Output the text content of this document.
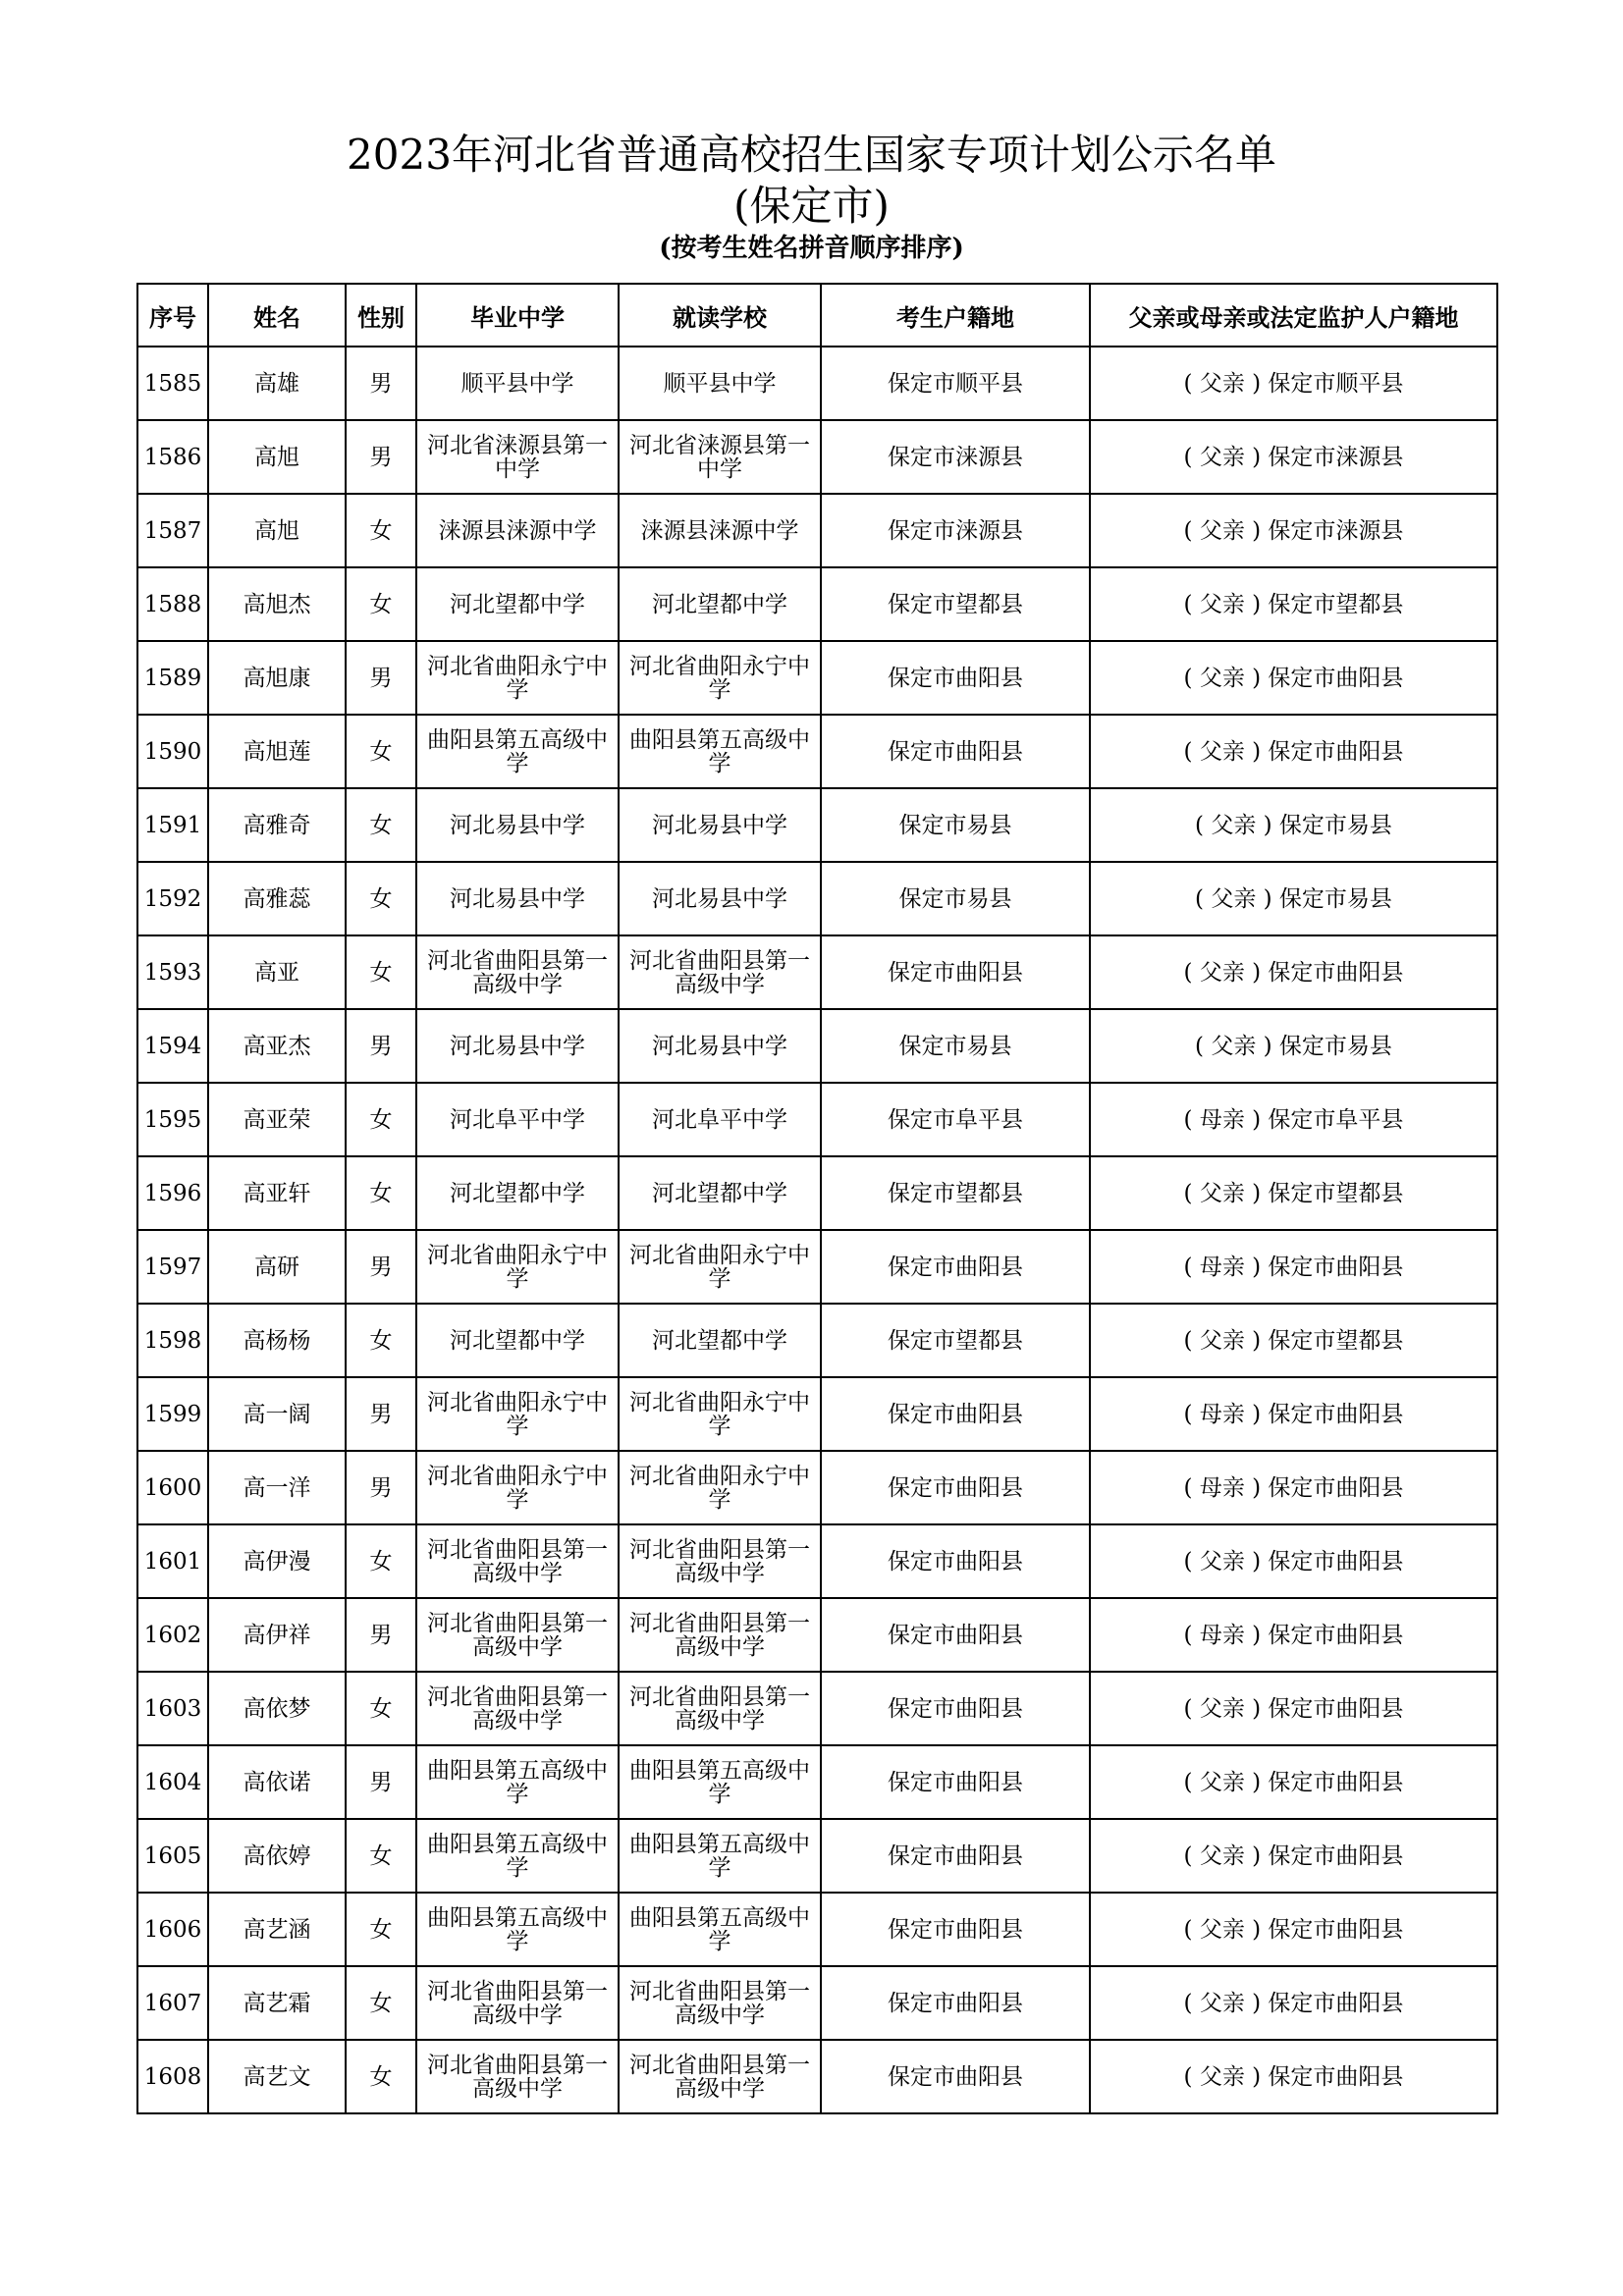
2023年河北省普通高校招生国家专项计划公示名单
(保定市)
(按考生姓名拼音顺序排序)
序号	姓名	性别	毕业中学	就读学校	考生户籍地	父亲或母亲或法定监护人户籍地
1585	高雄	男	顺平县中学	顺平县中学	保定市顺平县	( 父亲 ) 保定市顺平县
1586	高旭	男	河北省涞源县第一中学	河北省涞源县第一中学	保定市涞源县	( 父亲 ) 保定市涞源县
1587	高旭	女	涞源县涞源中学	涞源县涞源中学	保定市涞源县	( 父亲 ) 保定市涞源县
1588	高旭杰	女	河北望都中学	河北望都中学	保定市望都县	( 父亲 ) 保定市望都县
1589	高旭康	男	河北省曲阳永宁中学	河北省曲阳永宁中学	保定市曲阳县	( 父亲 ) 保定市曲阳县
1590	高旭莲	女	曲阳县第五高级中学	曲阳县第五高级中学	保定市曲阳县	( 父亲 ) 保定市曲阳县
1591	高雅奇	女	河北易县中学	河北易县中学	保定市易县	( 父亲 ) 保定市易县
1592	高雅蕊	女	河北易县中学	河北易县中学	保定市易县	( 父亲 ) 保定市易县
1593	高亚	女	河北省曲阳县第一高级中学	河北省曲阳县第一高级中学	保定市曲阳县	( 父亲 ) 保定市曲阳县
1594	高亚杰	男	河北易县中学	河北易县中学	保定市易县	( 父亲 ) 保定市易县
1595	高亚荣	女	河北阜平中学	河北阜平中学	保定市阜平县	( 母亲 ) 保定市阜平县
1596	高亚轩	女	河北望都中学	河北望都中学	保定市望都县	( 父亲 ) 保定市望都县
1597	高研	男	河北省曲阳永宁中学	河北省曲阳永宁中学	保定市曲阳县	( 母亲 ) 保定市曲阳县
1598	高杨杨	女	河北望都中学	河北望都中学	保定市望都县	( 父亲 ) 保定市望都县
1599	高一阔	男	河北省曲阳永宁中学	河北省曲阳永宁中学	保定市曲阳县	( 母亲 ) 保定市曲阳县
1600	高一洋	男	河北省曲阳永宁中学	河北省曲阳永宁中学	保定市曲阳县	( 母亲 ) 保定市曲阳县
1601	高伊漫	女	河北省曲阳县第一高级中学	河北省曲阳县第一高级中学	保定市曲阳县	( 父亲 ) 保定市曲阳县
1602	高伊祥	男	河北省曲阳县第一高级中学	河北省曲阳县第一高级中学	保定市曲阳县	( 母亲 ) 保定市曲阳县
1603	高依梦	女	河北省曲阳县第一高级中学	河北省曲阳县第一高级中学	保定市曲阳县	( 父亲 ) 保定市曲阳县
1604	高依诺	男	曲阳县第五高级中学	曲阳县第五高级中学	保定市曲阳县	( 父亲 ) 保定市曲阳县
1605	高依婷	女	曲阳县第五高级中学	曲阳县第五高级中学	保定市曲阳县	( 父亲 ) 保定市曲阳县
1606	高艺涵	女	曲阳县第五高级中学	曲阳县第五高级中学	保定市曲阳县	( 父亲 ) 保定市曲阳县
1607	高艺霜	女	河北省曲阳县第一高级中学	河北省曲阳县第一高级中学	保定市曲阳县	( 父亲 ) 保定市曲阳县
1608	高艺文	女	河北省曲阳县第一高级中学	河北省曲阳县第一高级中学	保定市曲阳县	( 父亲 ) 保定市曲阳县
